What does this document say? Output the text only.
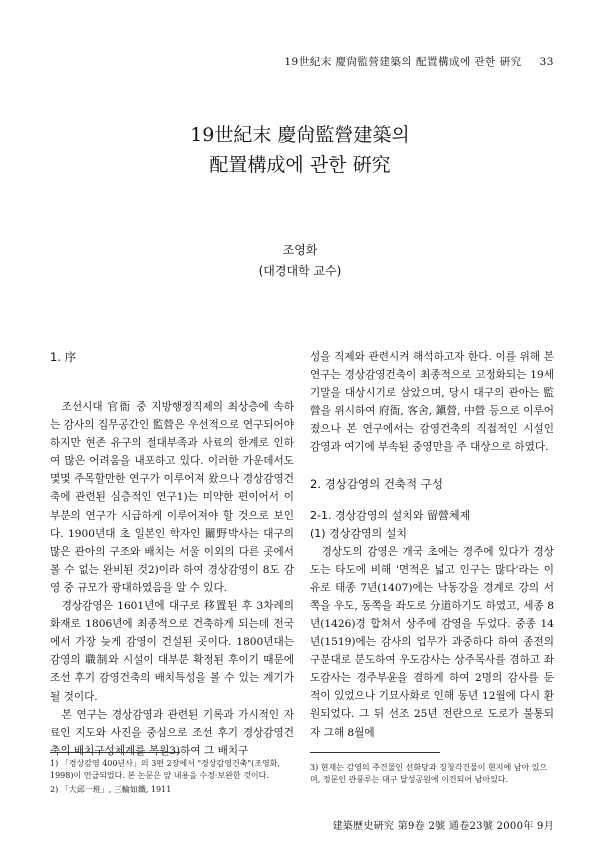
19世紀末 慶尙監營建築의 配置構成에 관한 硏究 33
19世紀末 慶尙監營建築의
配置構成에 관한 硏究
조영화
(대경대학 교수)
1. 序

조선시대 官衙 중 지방행정직제의 최상층에 속하는 감사의 집무공간인 監營은 우선적으로 연구되어야 하지만 현존 유구의 절대부족과 사료의 한계로 인하여 많은 어려움을 내포하고 있다. 이러한 가운데서도 몇몇 주목할만한 연구가 이루어져 왔으나 경상감영건축에 관련된 심층적인 연구1)는 미약한 편이어서 이 부분의 연구가 시급하게 이루어져야 할 것으로 보인다. 1900년대 초 일본인 학자인 關野박사는 대구의 많은 관아의 구조와 배치는 서울 이외의 다른 곳에서 볼 수 없는 완비된 것2)이라 하여 경상감영이 8도 감영 중 규모가 광대하였음을 알 수 있다.

경상감영은 1601년에 대구로 移置된 후 3차례의 화재로 1806년에 최종적으로 건축하게 되는데 전국에서 가장 늦게 감영이 건설된 곳이다. 1800년대는 감영의 職制와 시설이 대부분 확정된 후이기 때문에 조선 후기 감영건축의 배치특성을 볼 수 있는 계기가 될 것이다.

본 연구는 경상감영과 관련된 기록과 가시적인 자료인 지도와 사진을 중심으로 조선 후기 경상감영건축의 배치구성체계를 복원3)하여 그 배치구

성을 직제와 관련시켜 해석하고자 한다. 이를 위해 본 연구는 경상감영건축이 최종적으로 고정화되는 19세기말을 대상시기로 삼았으며, 당시 대구의 관아는 監營을 위시하여 府衙, 客舍, 鎭營, 中營 등으로 이루어졌으나 본 연구에서는 감영건축의 직접적인 시설인 감영과 여기에 부속된 중영만을 주 대상으로 하였다.

2. 경상감영의 건축적 구성
2-1. 경상감영의 설치와 留營체제
(1) 경상감영의 설치

경상도의 감영은 개국 초에는 경주에 있다가 경상도는 타도에 비해 '면적은 넓고 인구는 많다'라는 이유로 태종 7년(1407)에는 낙동강을 경계로 강의 서쪽을 우도, 동쪽을 좌도로 分道하기도 하였고, 세종 8년(1426)경 합쳐서 상주에 감영을 두었다. 중종 14년(1519)에는 감사의 업무가 과중하다 하여 종전의 구분대로 분도하여 우도감사는 상주목사를 겸하고 좌도감사는 경주부윤을 겸하게 하여 2명의 감사를 둔 적이 있었으나 기묘사화로 인해 동년 12월에 다시 환원되었다. 그 뒤 선조 25년 전란으로 도로가 불통되자 그해 8월에

1) 「경상감영 400년사」의 3편 2장에서 "경상감영건축"(조영화, 1998)이 언급되었다. 본 논문은 앞 내용을 수정·보완한 것이다.
2) 「大邱一班」, 三輪如鐵, 1911
3) 현재는 감영의 주건물인 선화당과 징청각건물이 현지에 남아 있으며, 정문인 관풍루는 대구 달성공원에 이건되어 남아있다.
建築歷史硏究 第9卷 2號 通卷23號 2000年 9月
